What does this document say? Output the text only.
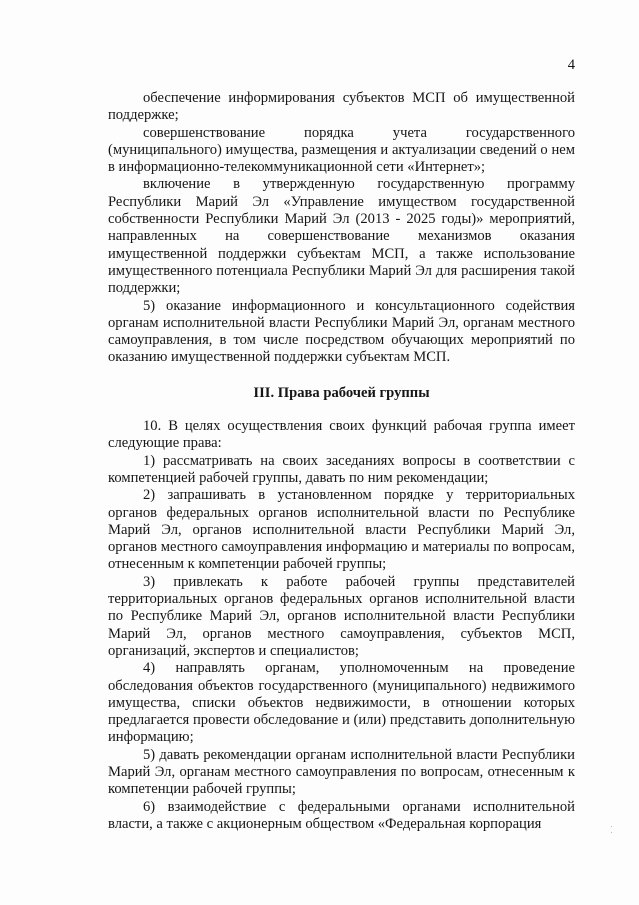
4

обеспечение информирования субъектов МСП об имущественной поддержке;

совершенствование порядка учета государственного (муниципального) имущества, размещения и актуализации сведений о нем в информационно-телекоммуникационной сети «Интернет»;

включение в утвержденную государственную программу Республики Марий Эл «Управление имуществом государственной собственности Республики Марий Эл (2013 - 2025 годы)» мероприятий, направленных на совершенствование механизмов оказания имущественной поддержки субъектам МСП, а также использование имущественного потенциала Республики Марий Эл для расширения такой поддержки;

5) оказание информационного и консультационного содействия органам исполнительной власти Республики Марий Эл, органам местного самоуправления, в том числе посредством обучающих мероприятий по оказанию имущественной поддержки субъектам МСП.

III. Права рабочей группы

10. В целях осуществления своих функций рабочая группа имеет следующие права:

1) рассматривать на своих заседаниях вопросы в соответствии с компетенцией рабочей группы, давать по ним рекомендации;

2) запрашивать в установленном порядке у территориальных органов федеральных органов исполнительной власти по Республике Марий Эл, органов исполнительной власти Республики Марий Эл, органов местного самоуправления информацию и материалы по вопросам, отнесенным к компетенции рабочей группы;

3) привлекать к работе рабочей группы представителей территориальных органов федеральных органов исполнительной власти по Республике Марий Эл, органов исполнительной власти Республики Марий Эл, органов местного самоуправления, субъектов МСП, организаций, экспертов и специалистов;

4) направлять органам, уполномоченным на проведение обследования объектов государственного (муниципального) недвижимого имущества, списки объектов недвижимости, в отношении которых предлагается провести обследование и (или) представить дополнительную информацию;

5) давать рекомендации органам исполнительной власти Республики Марий Эл, органам местного самоуправления по вопросам, отнесенным к компетенции рабочей группы;

6) взаимодействие с федеральными органами исполнительной власти, а также с акционерным обществом «Федеральная корпорация
